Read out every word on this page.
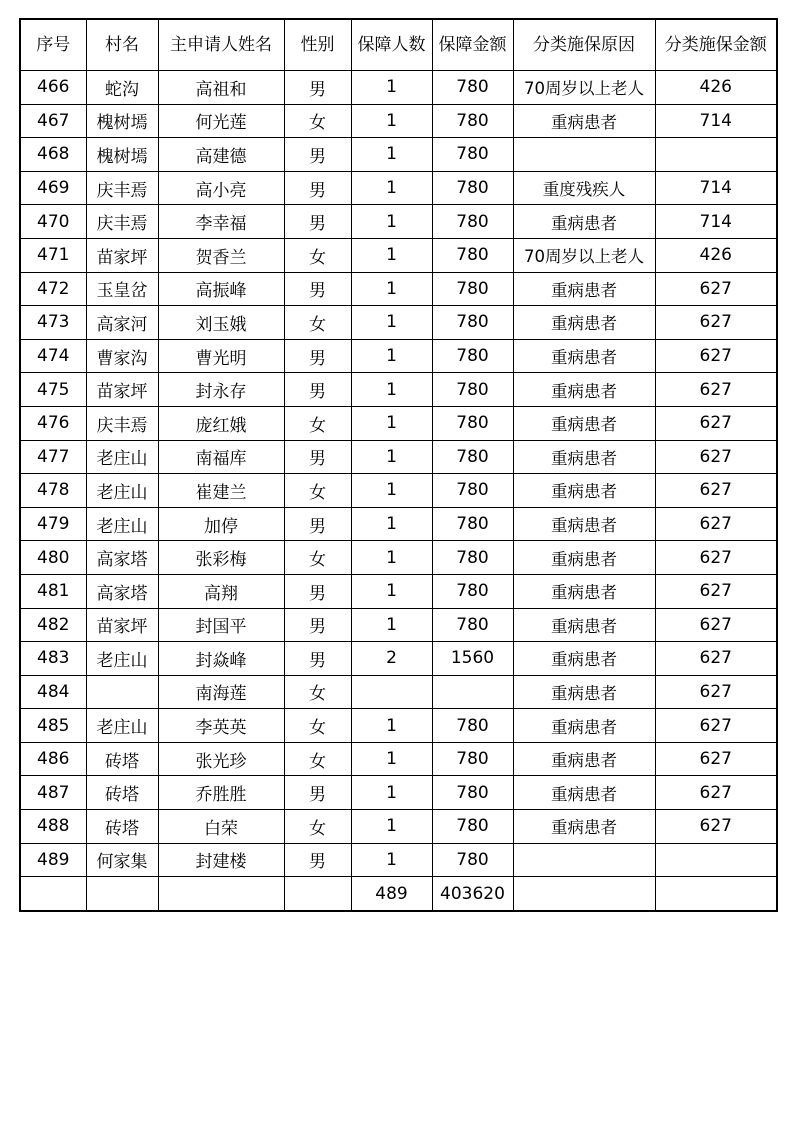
序号	村名	主申请人姓名	性别	保障人数	保障金额	分类施保原因	分类施保金额
466	蛇沟	高祖和	男	1	780	70周岁以上老人	426
467	槐树墕	何光莲	女	1	780	重病患者	714
468	槐树墕	高建德	男	1	780		
469	庆丰焉	高小亮	男	1	780	重度残疾人	714
470	庆丰焉	李幸福	男	1	780	重病患者	714
471	苗家坪	贺香兰	女	1	780	70周岁以上老人	426
472	玉皇岔	高振峰	男	1	780	重病患者	627
473	高家河	刘玉娥	女	1	780	重病患者	627
474	曹家沟	曹光明	男	1	780	重病患者	627
475	苗家坪	封永存	男	1	780	重病患者	627
476	庆丰焉	庞红娥	女	1	780	重病患者	627
477	老庄山	南福库	男	1	780	重病患者	627
478	老庄山	崔建兰	女	1	780	重病患者	627
479	老庄山	加停	男	1	780	重病患者	627
480	高家塔	张彩梅	女	1	780	重病患者	627
481	高家塔	高翔	男	1	780	重病患者	627
482	苗家坪	封国平	男	1	780	重病患者	627
483	老庄山	封焱峰	男	2	1560	重病患者	627
484		南海莲	女			重病患者	627
485	老庄山	李英英	女	1	780	重病患者	627
486	砖塔	张光珍	女	1	780	重病患者	627
487	砖塔	乔胜胜	男	1	780	重病患者	627
488	砖塔	白荣	女	1	780	重病患者	627
489	何家集	封建楼	男	1	780		
				489	403620		
